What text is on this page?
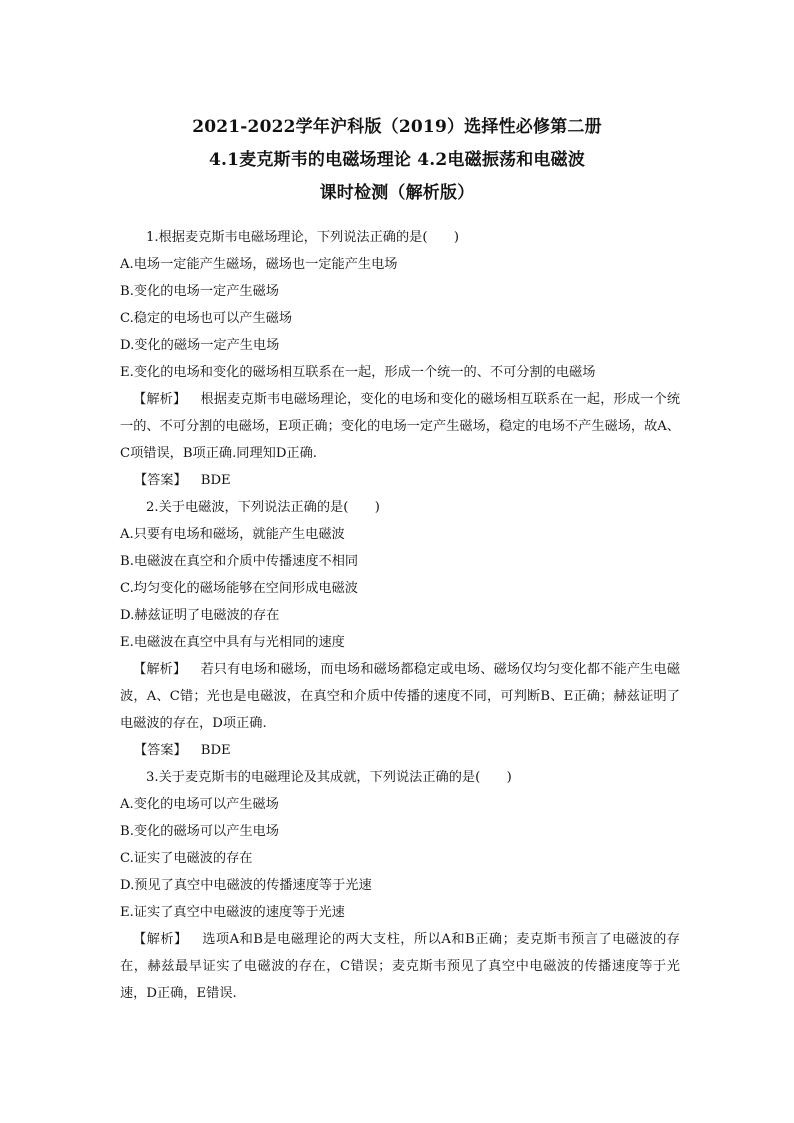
2021-2022学年沪科版（2019）选择性必修第二册

4.1麦克斯韦的电磁场理论 4.2电磁振荡和电磁波

课时检测（解析版）

1.根据麦克斯韦电磁场理论，下列说法正确的是(　　)

A.电场一定能产生磁场，磁场也一定能产生电场

B.变化的电场一定产生磁场

C.稳定的电场也可以产生磁场

D.变化的磁场一定产生电场

E.变化的电场和变化的磁场相互联系在一起，形成一个统一的、不可分割的电磁场

【解析】 根据麦克斯韦电磁场理论，变化的电场和变化的磁场相互联系在一起，形成一个统一的、不可分割的电磁场，E项正确；变化的电场一定产生磁场，稳定的电场不产生磁场，故A、C项错误，B项正确.同理知D正确.

【答案】 BDE

2.关于电磁波，下列说法正确的是(　　)

A.只要有电场和磁场，就能产生电磁波

B.电磁波在真空和介质中传播速度不相同

C.均匀变化的磁场能够在空间形成电磁波

D.赫兹证明了电磁波的存在

E.电磁波在真空中具有与光相同的速度

【解析】 若只有电场和磁场，而电场和磁场都稳定或电场、磁场仅均匀变化都不能产生电磁波，A、C错；光也是电磁波，在真空和介质中传播的速度不同，可判断B、E正确；赫兹证明了电磁波的存在，D项正确.

【答案】 BDE

3.关于麦克斯韦的电磁理论及其成就，下列说法正确的是(　　)

A.变化的电场可以产生磁场

B.变化的磁场可以产生电场

C.证实了电磁波的存在

D.预见了真空中电磁波的传播速度等于光速

E.证实了真空中电磁波的速度等于光速

【解析】 选项A和B是电磁理论的两大支柱，所以A和B正确；麦克斯韦预言了电磁波的存在，赫兹最早证实了电磁波的存在，C错误；麦克斯韦预见了真空中电磁波的传播速度等于光速，D正确，E错误.
